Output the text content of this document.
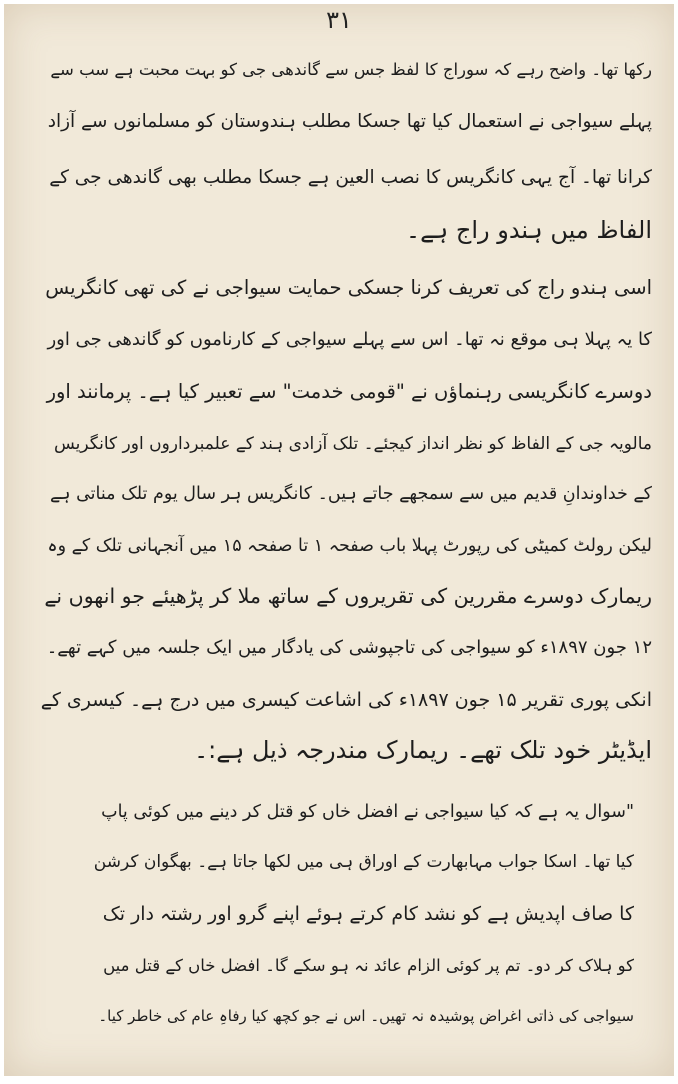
۳۱
رکھا تھا۔ واضح رہے کہ سوراج کا لفظ جس سے گاندھی جی کو بہت محبت ہے سب سے
پہلے سیواجی نے استعمال کیا تھا جسکا مطلب ہندوستان کو مسلمانوں سے آزاد
کرانا تھا۔ آج یہی کانگریس کا نصب العین ہے جسکا مطلب بھی گاندھی جی کے
الفاظ میں ہندو راج ہے۔
اسی ہندو راج کی تعریف کرنا جسکی حمایت سیواجی نے کی تھی کانگریس
کا یہ پہلا ہی موقع نہ تھا۔ اس سے پہلے سیواجی کے کارناموں کو گاندھی جی اور
دوسرے کانگریسی رہنماؤں نے "قومی خدمت" سے تعبیر کیا ہے۔ پرمانند اور
مالویہ جی کے الفاظ کو نظر انداز کیجئے۔ تلک آزادی ہند کے علمبرداروں اور کانگریس
کے خداوندانِ قدیم میں سے سمجھے جاتے ہیں۔ کانگریس ہر سال یوم تلک مناتی ہے
لیکن رولٹ کمیٹی کی رپورٹ پہلا باب صفحہ ۱ تا صفحہ ۱۵ میں آنجہانی تلک کے وہ
ریمارک دوسرے مقررین کی تقریروں کے ساتھ ملا کر پڑھیئے جو انھوں نے
۱۲ جون ۱۸۹۷ء کو سیواجی کی تاجپوشی کی یادگار میں ایک جلسہ میں کہے تھے۔
انکی پوری تقریر ۱۵ جون ۱۸۹۷ء کی اشاعت کیسری میں درج ہے۔ کیسری کے
ایڈیٹر خود تلک تھے۔ ریمارک مندرجہ ذیل ہے:۔
"سوال یہ ہے کہ کیا سیواجی نے افضل خاں کو قتل کر دینے میں کوئی پاپ
کیا تھا۔ اسکا جواب مہابھارت کے اوراق ہی میں لکھا جاتا ہے۔ بھگوان کرشن
کا صاف اپدیش ہے کو نشد کام کرتے ہوئے اپنے گرو اور رشتہ دار تک
کو ہلاک کر دو۔ تم پر کوئی الزام عائد نہ ہو سکے گا۔ افضل خاں کے قتل میں
سیواجی کی ذاتی اغراض پوشیدہ نہ تھیں۔ اس نے جو کچھ کیا رفاہِ عام کی خاطر کیا۔
